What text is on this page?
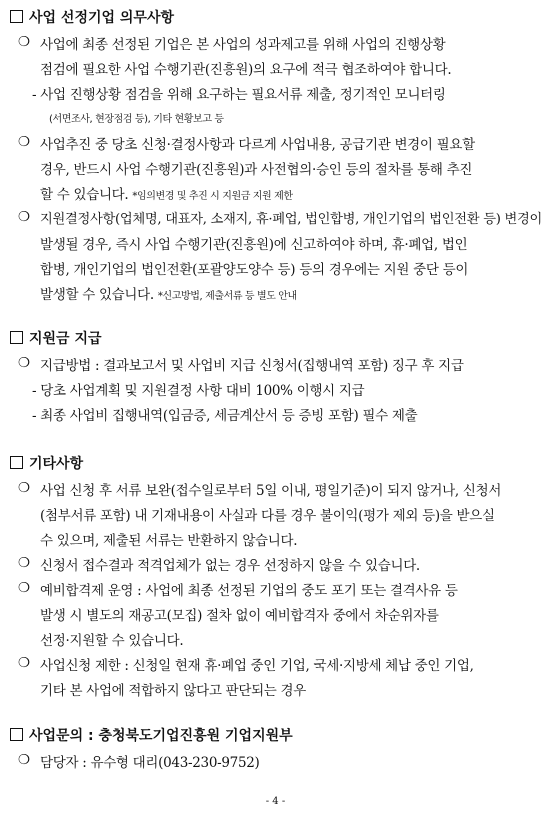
사업 선정기업 의무사항
❍ 사업에 최종 선정된 기업은 본 사업의 성과제고를 위해 사업의 진행상황
점검에 필요한 사업 수행기관(진흥원)의 요구에 적극 협조하여야 합니다.
- 사업 진행상황 점검을 위해 요구하는 필요서류 제출, 정기적인 모니터링
(서면조사, 현장점검 등), 기타 현황보고 등
❍ 사업추진 중 당초 신청·결정사항과 다르게 사업내용, 공급기관 변경이 필요할
경우, 반드시 사업 수행기관(진흥원)과 사전협의·승인 등의 절차를 통해 추진
할 수 있습니다. *임의변경 및 추진 시 지원금 지원 제한
❍ 지원결정사항(업체명, 대표자, 소재지, 휴·폐업, 법인합병, 개인기업의 법인전환 등) 변경이
발생될 경우, 즉시 사업 수행기관(진흥원)에 신고하여야 하며, 휴·폐업, 법인
합병, 개인기업의 법인전환(포괄양도양수 등) 등의 경우에는 지원 중단 등이
발생할 수 있습니다. *신고방법, 제출서류 등 별도 안내
지원금 지급
❍ 지급방법 : 결과보고서 및 사업비 지급 신청서(집행내역 포함) 징구 후 지급
- 당초 사업계획 및 지원결정 사항 대비 100% 이행시 지급
- 최종 사업비 집행내역(입금증, 세금계산서 등 증빙 포함) 필수 제출
기타사항
❍ 사업 신청 후 서류 보완(접수일로부터 5일 이내, 평일기준)이 되지 않거나, 신청서
(첨부서류 포함) 내 기재내용이 사실과 다를 경우 불이익(평가 제외 등)을 받으실
수 있으며, 제출된 서류는 반환하지 않습니다.
❍ 신청서 접수결과 적격업체가 없는 경우 선정하지 않을 수 있습니다.
❍ 예비합격제 운영 : 사업에 최종 선정된 기업의 중도 포기 또는 결격사유 등
발생 시 별도의 재공고(모집) 절차 없이 예비합격자 중에서 차순위자를
선정·지원할 수 있습니다.
❍ 사업신청 제한 : 신청일 현재 휴·폐업 중인 기업, 국세·지방세 체납 중인 기업,
기타 본 사업에 적합하지 않다고 판단되는 경우
사업문의 : 충청북도기업진흥원 기업지원부
❍ 담당자 : 유수형 대리(043-230-9752)
- 4 -
